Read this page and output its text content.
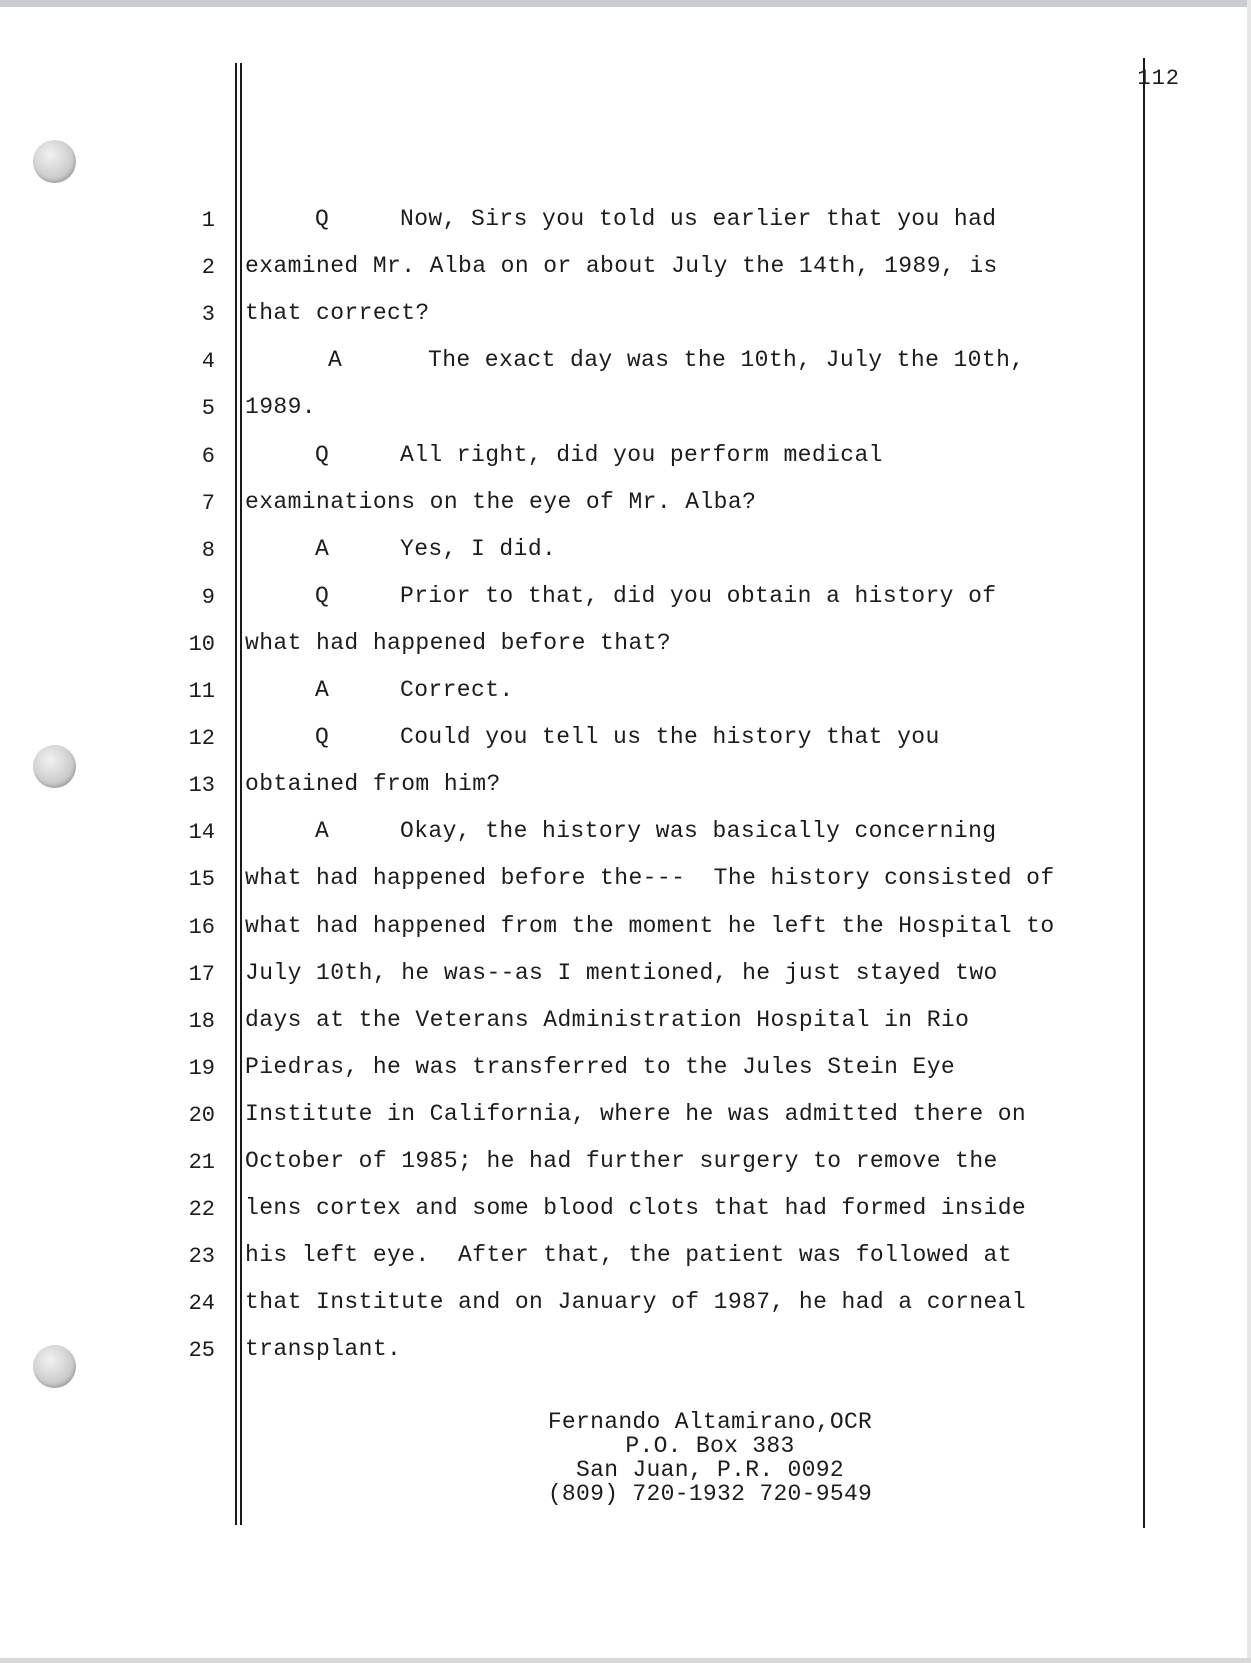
112
1	Q	Now, Sirs you told us earlier that you had
2 examined Mr. Alba on or about July the 14th, 1989, is
3 that correct?
4	A	The exact day was the 10th, July the 10th,
5 1989.
6	Q	All right, did you perform medical
7 examinations on the eye of Mr. Alba?
8	A	Yes, I did.
9	Q	Prior to that, did you obtain a history of
10 what had happened before that?
11	A	Correct.
12	Q	Could you tell us the history that you
13 obtained from him?
14	A	Okay, the history was basically concerning
15 what had happened before the---  The history consisted of
16 what had happened from the moment he left the Hospital to
17 July 10th, he was--as I mentioned, he just stayed two
18 days at the Veterans Administration Hospital in Rio
19 Piedras, he was transferred to the Jules Stein Eye
20 Institute in California, where he was admitted there on
21 October of 1985; he had further surgery to remove the
22 lens cortex and some blood clots that had formed inside
23 his left eye.  After that, the patient was followed at
24 that Institute and on January of 1987, he had a corneal
25 transplant.
Fernando Altamirano,OCR
P.O. Box 383
San Juan, P.R. 0092
(809) 720-1932 720-9549
